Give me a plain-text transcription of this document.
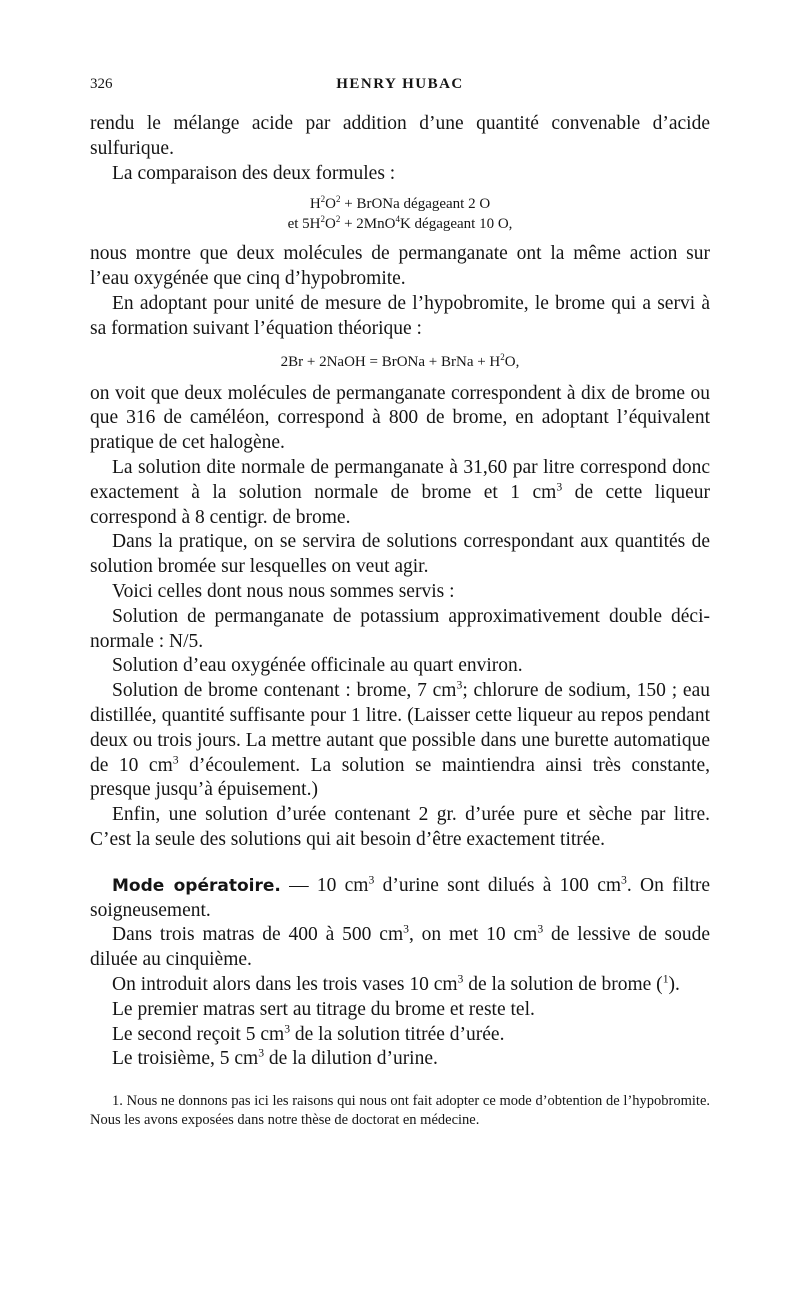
326	HENRY HUBAC

rendu le mélange acide par addition d’une quantité convenable d’acide sulfurique.

La comparaison des deux formules :

$H^2O^2$ + BrONa dégageant 2 O

et $5H^2O^2 + 2MnO^4K$ dégageant 10 O,

nous montre que deux molécules de permanganate ont la même action sur l’eau oxygénée que cinq d’hypobromite.

En adoptant pour unité de mesure de l’hypobromite, le brome qui a servi à sa formation suivant l’équation théorique :

2Br + 2NaOH = BrONa + BrNa + $H^2O$,

on voit que deux molécules de permanganate correspondent à dix de brome ou que 316 de caméléon, correspond à 800 de brome, en adoptant l’équivalent pratique de cet halogène.

La solution dite normale de permanganate à 31,60 par litre correspond donc exactement à la solution normale de brome et 1 $cm^3$ de cette liqueur correspond à 8 centigr. de brome.

Dans la pratique, on se servira de solutions correspondant aux quantités de solution bromée sur lesquelles on veut agir.

Voici celles dont nous nous sommes servis :

Solution de permanganate de potassium approximativement double déci-normale : N/5.

Solution d’eau oxygénée officinale au quart environ.

Solution de brome contenant : brome, 7 $cm^3$; chlorure de sodium, 150 ; eau distillée, quantité suffisante pour 1 litre. (Laisser cette liqueur au repos pendant deux ou trois jours. La mettre autant que possible dans une burette automatique de 10 $cm^3$ d’écoulement. La solution se maintiendra ainsi très constante, presque jusqu’à épuisement.)

Enfin, une solution d’urée contenant 2 gr. d’urée pure et sèche par litre. C’est la seule des solutions qui ait besoin d’être exactement titrée.

Mode opératoire. — 10 $cm^3$ d’urine sont dilués à 100 $cm^3$. On filtre soigneusement.

Dans trois matras de 400 à 500 $cm^3$, on met 10 $cm^3$ de lessive de soude diluée au cinquième.

On introduit alors dans les trois vases 10 $cm^3$ de la solution de brome ($^1$).

Le premier matras sert au titrage du brome et reste tel.

Le second reçoit 5 $cm^3$ de la solution titrée d’urée.

Le troisième, 5 $cm^3$ de la dilution d’urine.

1. Nous ne donnons pas ici les raisons qui nous ont fait adopter ce mode d’obtention de l’hypobromite. Nous les avons exposées dans notre thèse de doctorat en médecine.
